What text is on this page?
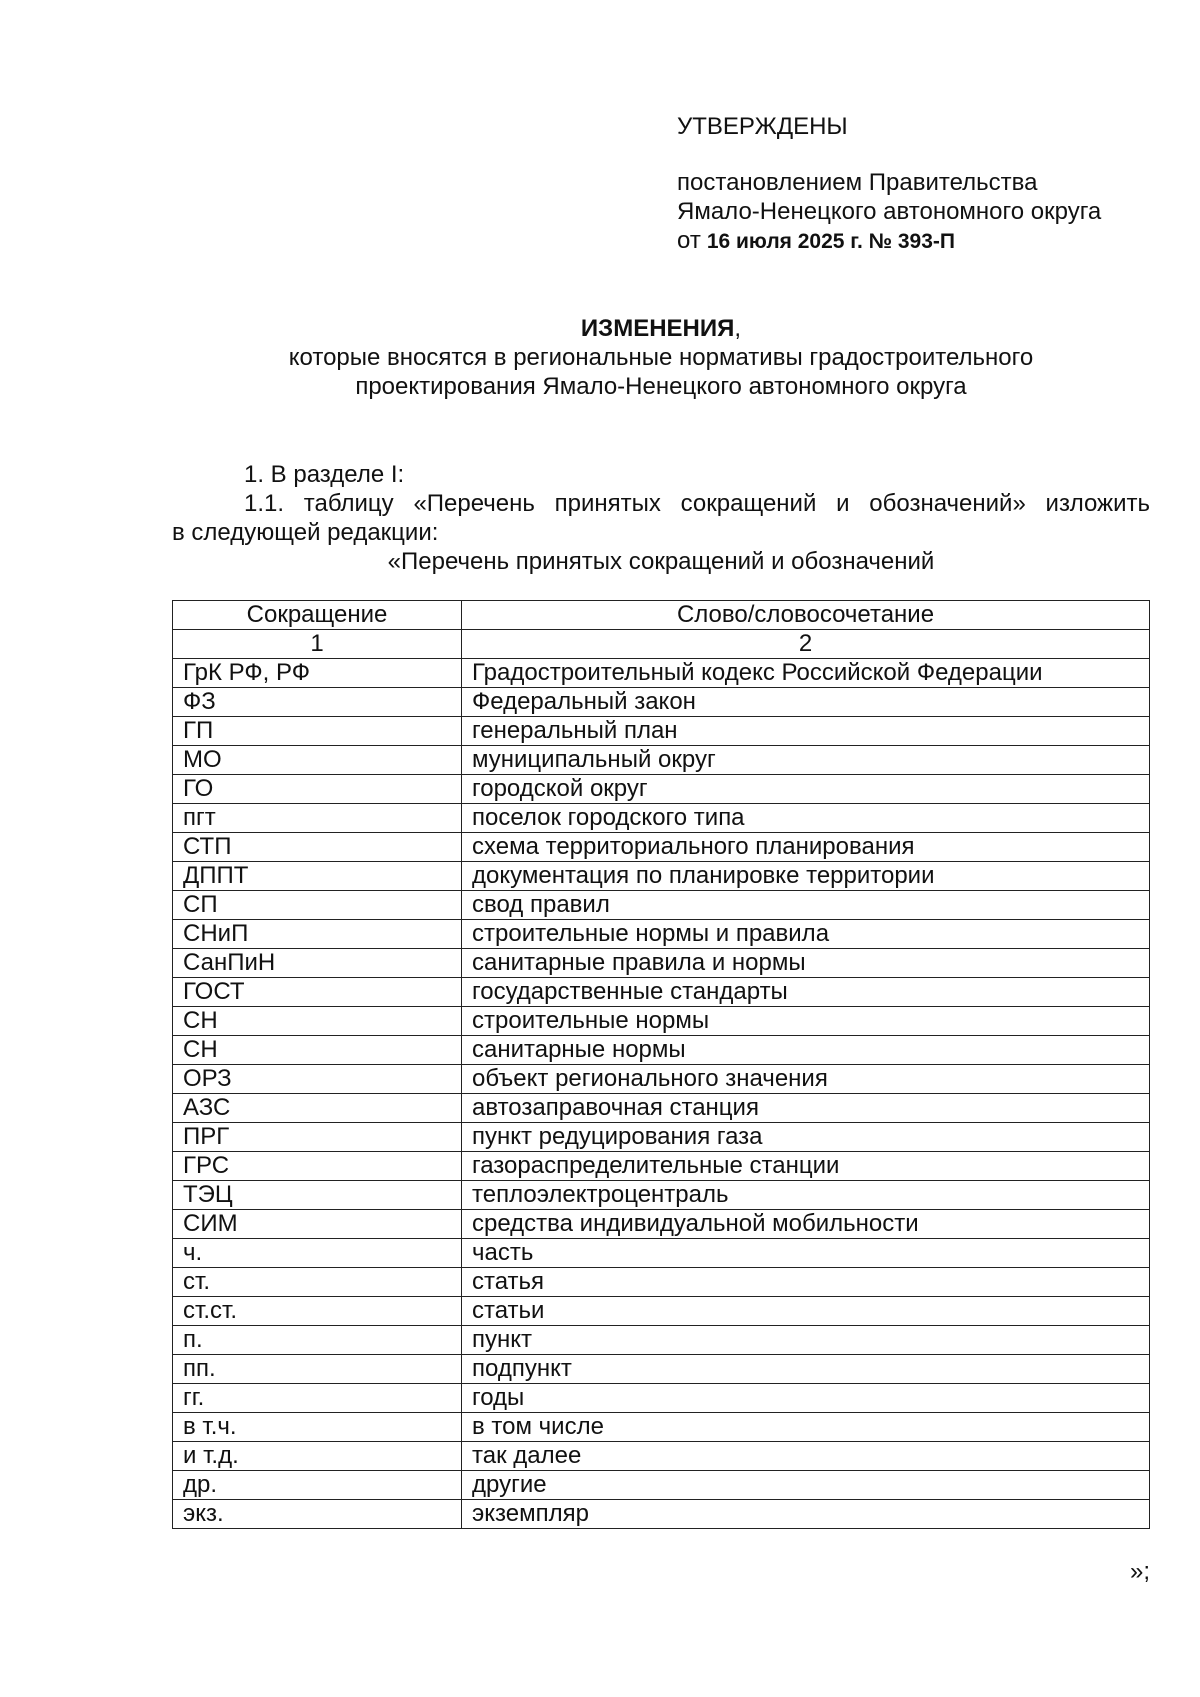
УТВЕРЖДЕНЫ
постановлением Правительства
Ямало-Ненецкого автономного округа
от 16 июля 2025 г. № 393-П
ИЗМЕНЕНИЯ,
которые вносятся в региональные нормативы градостроительного
проектирования Ямало-Ненецкого автономного округа
1. В разделе I:
1.1. таблицу «Перечень принятых сокращений и обозначений» изложить
в следующей редакции:
«Перечень принятых сокращений и обозначений
Сокращение	Слово/словосочетание
1	2
ГрК РФ, РФ	Градостроительный кодекс Российской Федерации
ФЗ	Федеральный закон
ГП	генеральный план
МО	муниципальный округ
ГО	городской округ
пгт	поселок городского типа
СТП	схема территориального планирования
ДППТ	документация по планировке территории
СП	свод правил
СНиП	строительные нормы и правила
СанПиН	санитарные правила и нормы
ГОСТ	государственные стандарты
СН	строительные нормы
СН	санитарные нормы
ОРЗ	объект регионального значения
АЗС	автозаправочная станция
ПРГ	пункт редуцирования газа
ГРС	газораспределительные станции
ТЭЦ	теплоэлектроцентраль
СИМ	средства индивидуальной мобильности
ч.	часть
ст.	статья
ст.ст.	статьи
п.	пункт
пп.	подпункт
гг.	годы
в т.ч.	в том числе
и т.д.	так далее
др.	другие
экз.	экземпляр
»;
